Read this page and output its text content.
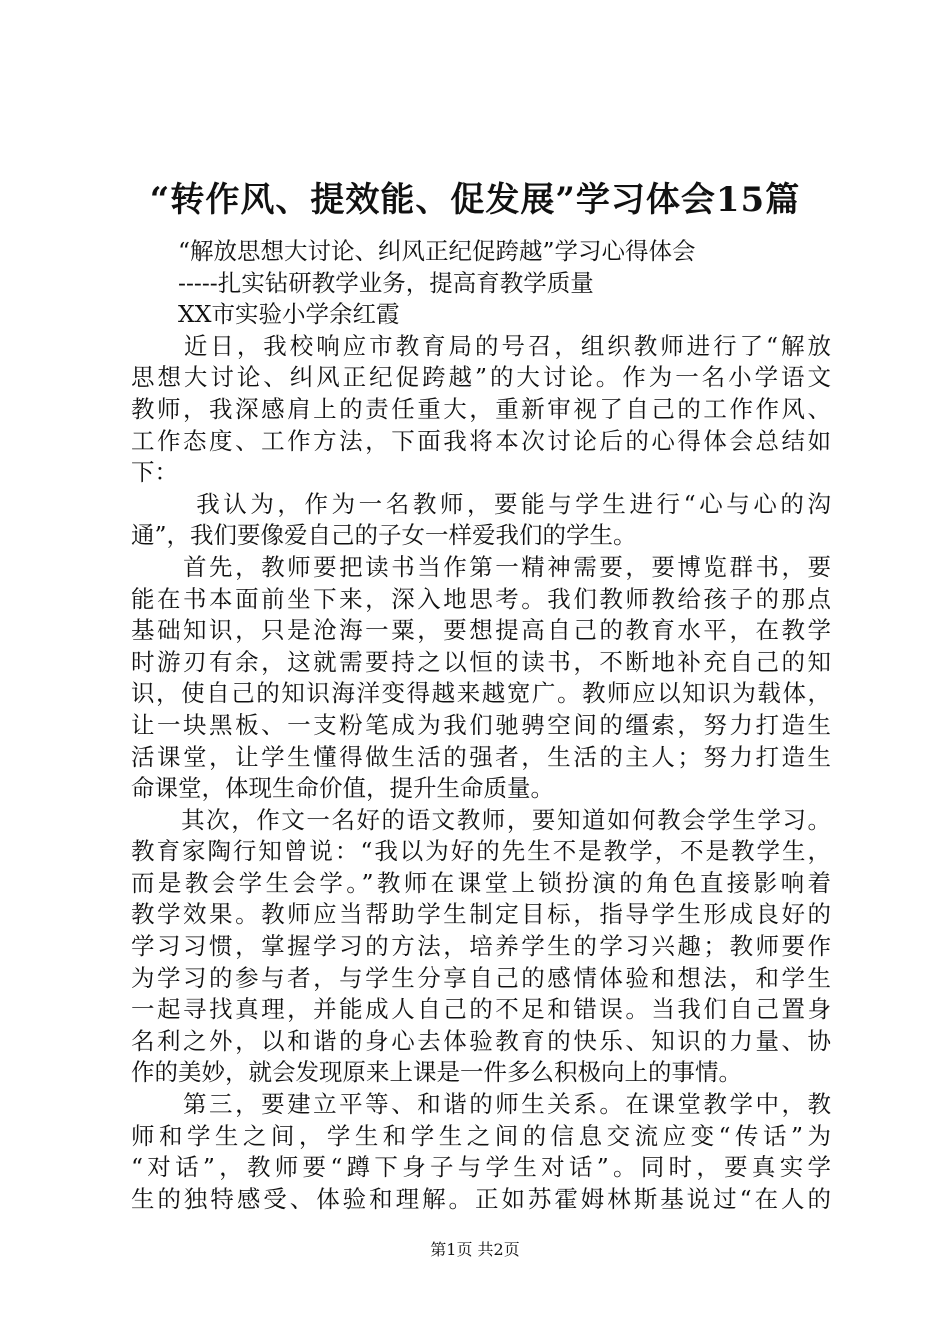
“转作风、提效能、促发展”学习体会15篇
　　“解放思想大讨论、纠风正纪促跨越”学习心得体会
　　-----扎实钻研教学业务，提高育教学质量
　　XX市实验小学余红霞
　　近日，我校响应市教育局的号召，组织教师进行了“解放
思想大讨论、纠风正纪促跨越”的大讨论。作为一名小学语文
教师，我深感肩上的责任重大，重新审视了自己的工作作风、
工作态度、工作方法，下面我将本次讨论后的心得体会总结如
下：
　　 我认为，作为一名教师，要能与学生进行“心与心的沟
通”，我们要像爱自己的子女一样爱我们的学生。
　　首先，教师要把读书当作第一精神需要，要博览群书，要
能在书本面前坐下来，深入地思考。我们教师教给孩子的那点
基础知识，只是沧海一粟，要想提高自己的教育水平，在教学
时游刃有余，这就需要持之以恒的读书，不断地补充自己的知
识，使自己的知识海洋变得越来越宽广。教师应以知识为载体，
让一块黑板、一支粉笔成为我们驰骋空间的缰索，努力打造生
活课堂，让学生懂得做生活的强者，生活的主人；努力打造生
命课堂，体现生命价值，提升生命质量。
　　其次，作文一名好的语文教师，要知道如何教会学生学习。
教育家陶行知曾说：“我以为好的先生不是教学，不是教学生，
而是教会学生会学。”教师在课堂上锁扮演的角色直接影响着
教学效果。教师应当帮助学生制定目标，指导学生形成良好的
学习习惯，掌握学习的方法，培养学生的学习兴趣；教师要作
为学习的参与者，与学生分享自己的感情体验和想法，和学生
一起寻找真理，并能成人自己的不足和错误。当我们自己置身
名利之外，以和谐的身心去体验教育的快乐、知识的力量、协
作的美妙，就会发现原来上课是一件多么积极向上的事情。
　　第三，要建立平等、和谐的师生关系。在课堂教学中，教
师和学生之间，学生和学生之间的信息交流应变“传话”为
“对话”，教师要“蹲下身子与学生对话”。同时，要真实学
生的独特感受、体验和理解。正如苏霍姆林斯基说过“在人的
第1页 共2页
